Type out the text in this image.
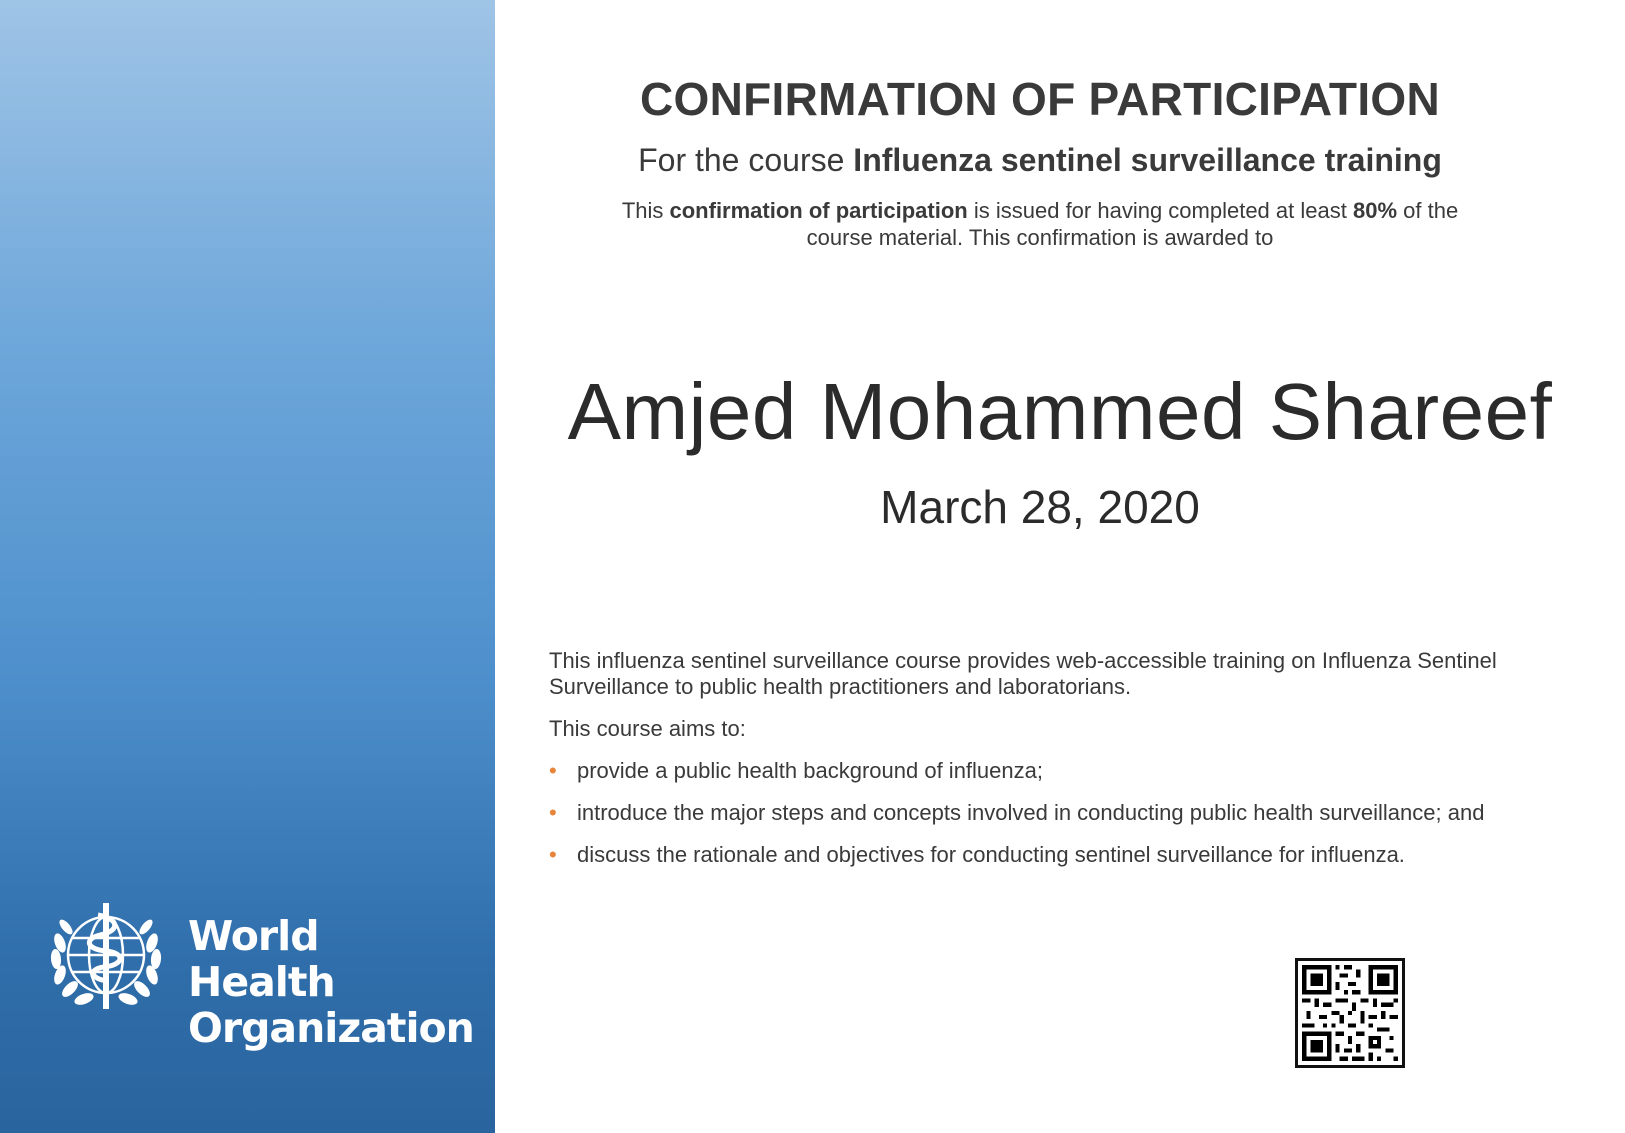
World Health
Organization
CONFIRMATION OF PARTICIPATION
For the course Influenza sentinel surveillance training
This confirmation of participation is issued for having completed at least 80% of the
course material. This confirmation is awarded to
Amjed Mohammed Shareef
March 28, 2020

This influenza sentinel surveillance course provides web-accessible training on Influenza Sentinel Surveillance to public health practitioners and laboratorians.

This course aims to:

• provide a public health background of influenza;
• introduce the major steps and concepts involved in conducting public health surveillance; and
• discuss the rationale and objectives for conducting sentinel surveillance for influenza.
